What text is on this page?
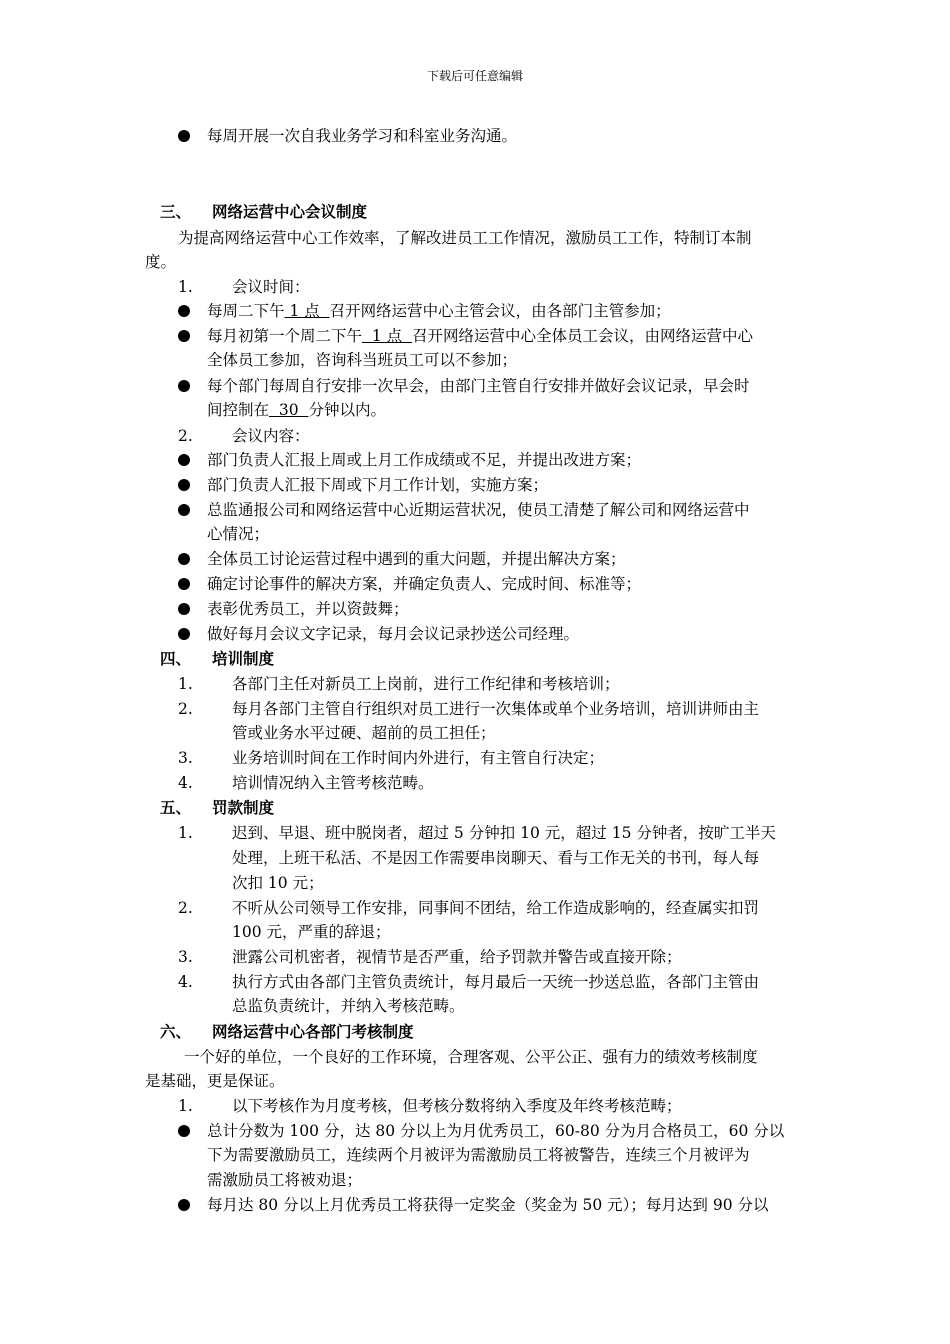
下载后可任意编辑
每周开展一次自我业务学习和科室业务沟通。
三、 网络运营中心会议制度
为提高网络运营中心工作效率，了解改进员工工作情况，激励员工工作，特制订本制
度。
1.	会议时间：
每周二下午 1 点  召开网络运营中心主管会议，由各部门主管参加；
每月初第一个周二下午  1 点  召开网络运营中心全体员工会议，由网络运营中心
全体员工参加，咨询科当班员工可以不参加；
每个部门每周自行安排一次早会，由部门主管自行安排并做好会议记录，早会时
间控制在  30  分钟以内。
2.	会议内容：
部门负责人汇报上周或上月工作成绩或不足，并提出改进方案；
部门负责人汇报下周或下月工作计划，实施方案；
总监通报公司和网络运营中心近期运营状况，使员工清楚了解公司和网络运营中
心情况；
全体员工讨论运营过程中遇到的重大问题，并提出解决方案；
确定讨论事件的解决方案，并确定负责人、完成时间、标准等；
表彰优秀员工，并以资鼓舞；
做好每月会议文字记录，每月会议记录抄送公司经理。
四、 培训制度
1.	各部门主任对新员工上岗前，进行工作纪律和考核培训；
2.	每月各部门主管自行组织对员工进行一次集体或单个业务培训，培训讲师由主
管或业务水平过硬、超前的员工担任；
3.	业务培训时间在工作时间内外进行，有主管自行决定；
4.	培训情况纳入主管考核范畴。
五、 罚款制度
1.	迟到、早退、班中脱岗者，超过 5 分钟扣 10 元，超过 15 分钟者，按旷工半天
处理，上班干私活、不是因工作需要串岗聊天、看与工作无关的书刊，每人每
次扣 10 元；
2.	不听从公司领导工作安排，同事间不团结，给工作造成影响的，经查属实扣罚
100 元，严重的辞退；
3.	泄露公司机密者，视情节是否严重，给予罚款并警告或直接开除；
4.	执行方式由各部门主管负责统计，每月最后一天统一抄送总监，各部门主管由
总监负责统计，并纳入考核范畴。
六、 网络运营中心各部门考核制度
一个好的单位，一个良好的工作环境，合理客观、公平公正、强有力的绩效考核制度
是基础，更是保证。
1.	以下考核作为月度考核，但考核分数将纳入季度及年终考核范畴；
总计分数为 100 分，达 80 分以上为月优秀员工，60-80 分为月合格员工，60 分以
下为需要激励员工，连续两个月被评为需激励员工将被警告，连续三个月被评为
需激励员工将被劝退；
每月达 80 分以上月优秀员工将获得一定奖金（奖金为 50 元）；每月达到 90 分以
